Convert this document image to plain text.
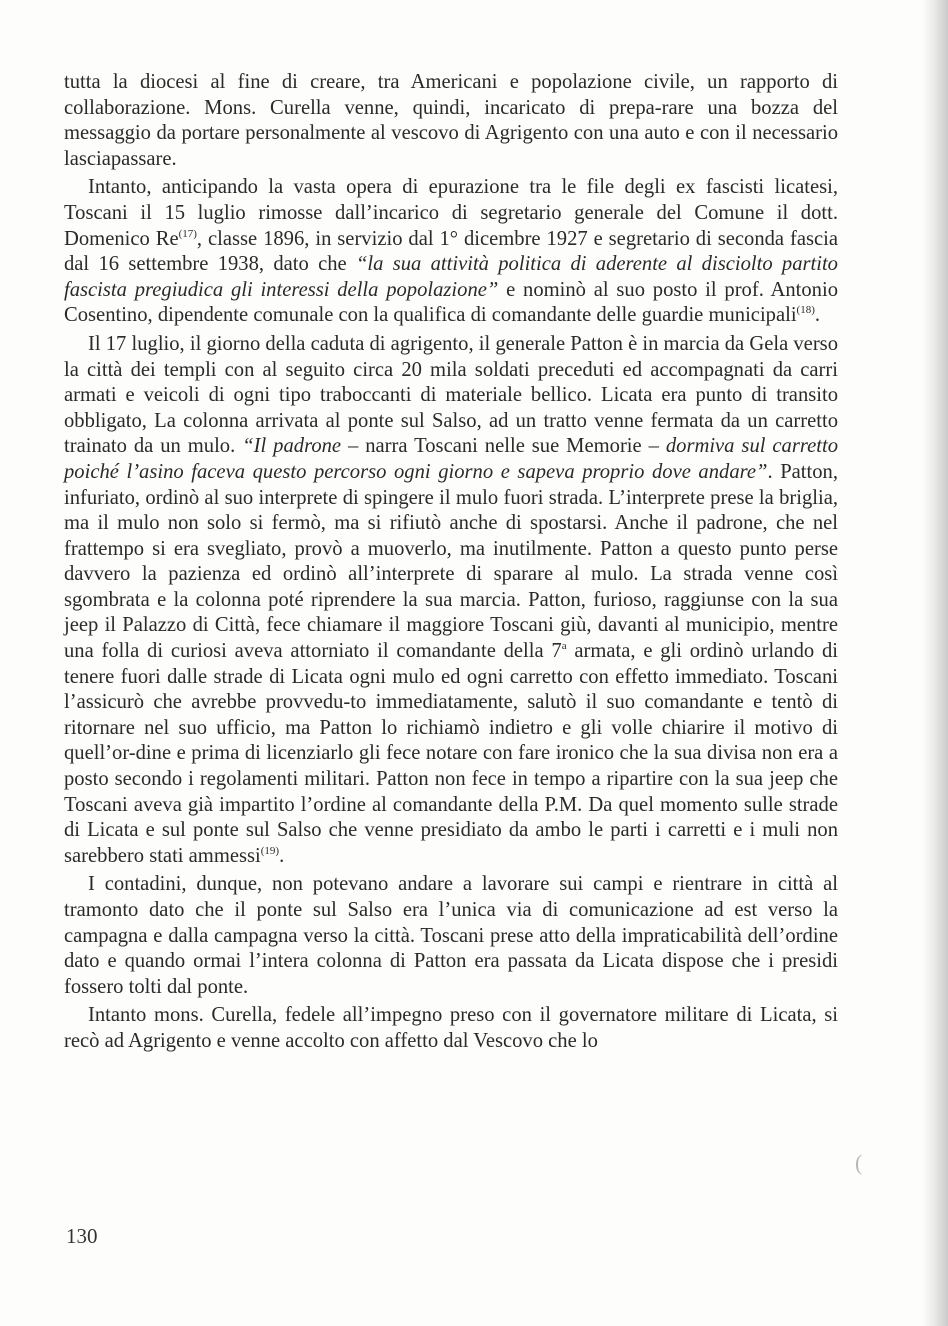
tutta la diocesi al fine di creare, tra Americani e popolazione civile, un rapporto di collaborazione. Mons. Curella venne, quindi, incaricato di prepa-rare una bozza del messaggio da portare personalmente al vescovo di Agrigento con una auto e con il necessario lasciapassare.

Intanto, anticipando la vasta opera di epurazione tra le file degli ex fascisti licatesi, Toscani il 15 luglio rimosse dall’incarico di segretario generale del Comune il dott. Domenico Re$^{(17)}$, classe 1896, in servizio dal 1° dicembre 1927 e segretario di seconda fascia dal 16 settembre 1938, dato che “la sua attività politica di aderente al disciolto partito fascista pregiudica gli interessi della popolazione” e nominò al suo posto il prof. Antonio Cosentino, dipendente comunale con la qualifica di comandante delle guardie municipali$^{(18)}$.

Il 17 luglio, il giorno della caduta di agrigento, il generale Patton è in marcia da Gela verso la città dei templi con al seguito circa 20 mila soldati preceduti ed accompagnati da carri armati e veicoli di ogni tipo traboccanti di materiale bellico. Licata era punto di transito obbligato, La colonna arrivata al ponte sul Salso, ad un tratto venne fermata da un carretto trainato da un mulo. “Il padrone – narra Toscani nelle sue Memorie – dormiva sul carretto poiché l’asino faceva questo percorso ogni giorno e sapeva proprio dove andare”. Patton, infuriato, ordinò al suo interprete di spingere il mulo fuori strada. L’interprete prese la briglia, ma il mulo non solo si fermò, ma si rifiutò anche di spostarsi. Anche il padrone, che nel frattempo si era svegliato, provò a muoverlo, ma inutilmente. Patton a questo punto perse davvero la pazienza ed ordinò all’interprete di sparare al mulo. La strada venne così sgombrata e la colonna poté riprendere la sua marcia. Patton, furioso, raggiunse con la sua jeep il Palazzo di Città, fece chiamare il maggiore Toscani giù, davanti al municipio, mentre una folla di curiosi aveva attorniato il comandante della 7$^a$ armata, e gli ordinò urlando di tenere fuori dalle strade di Licata ogni mulo ed ogni carretto con effetto immediato. Toscani l’assicurò che avrebbe provvedu-to immediatamente, salutò il suo comandante e tentò di ritornare nel suo ufficio, ma Patton lo richiamò indietro e gli volle chiarire il motivo di quell’or-dine e prima di licenziarlo gli fece notare con fare ironico che la sua divisa non era a posto secondo i regolamenti militari. Patton non fece in tempo a ripartire con la sua jeep che Toscani aveva già impartito l’ordine al comandante della P.M. Da quel momento sulle strade di Licata e sul ponte sul Salso che venne presidiato da ambo le parti i carretti e i muli non sarebbero stati ammessi$^{(19)}$.

I contadini, dunque, non potevano andare a lavorare sui campi e rientrare in città al tramonto dato che il ponte sul Salso era l’unica via di comunicazione ad est verso la campagna e dalla campagna verso la città. Toscani prese atto della impraticabilità dell’ordine dato e quando ormai l’intera colonna di Patton era passata da Licata dispose che i presidi fossero tolti dal ponte.

Intanto mons. Curella, fedele all’impegno preso con il governatore militare di Licata, si recò ad Agrigento e venne accolto con affetto dal Vescovo che lo

(
130
